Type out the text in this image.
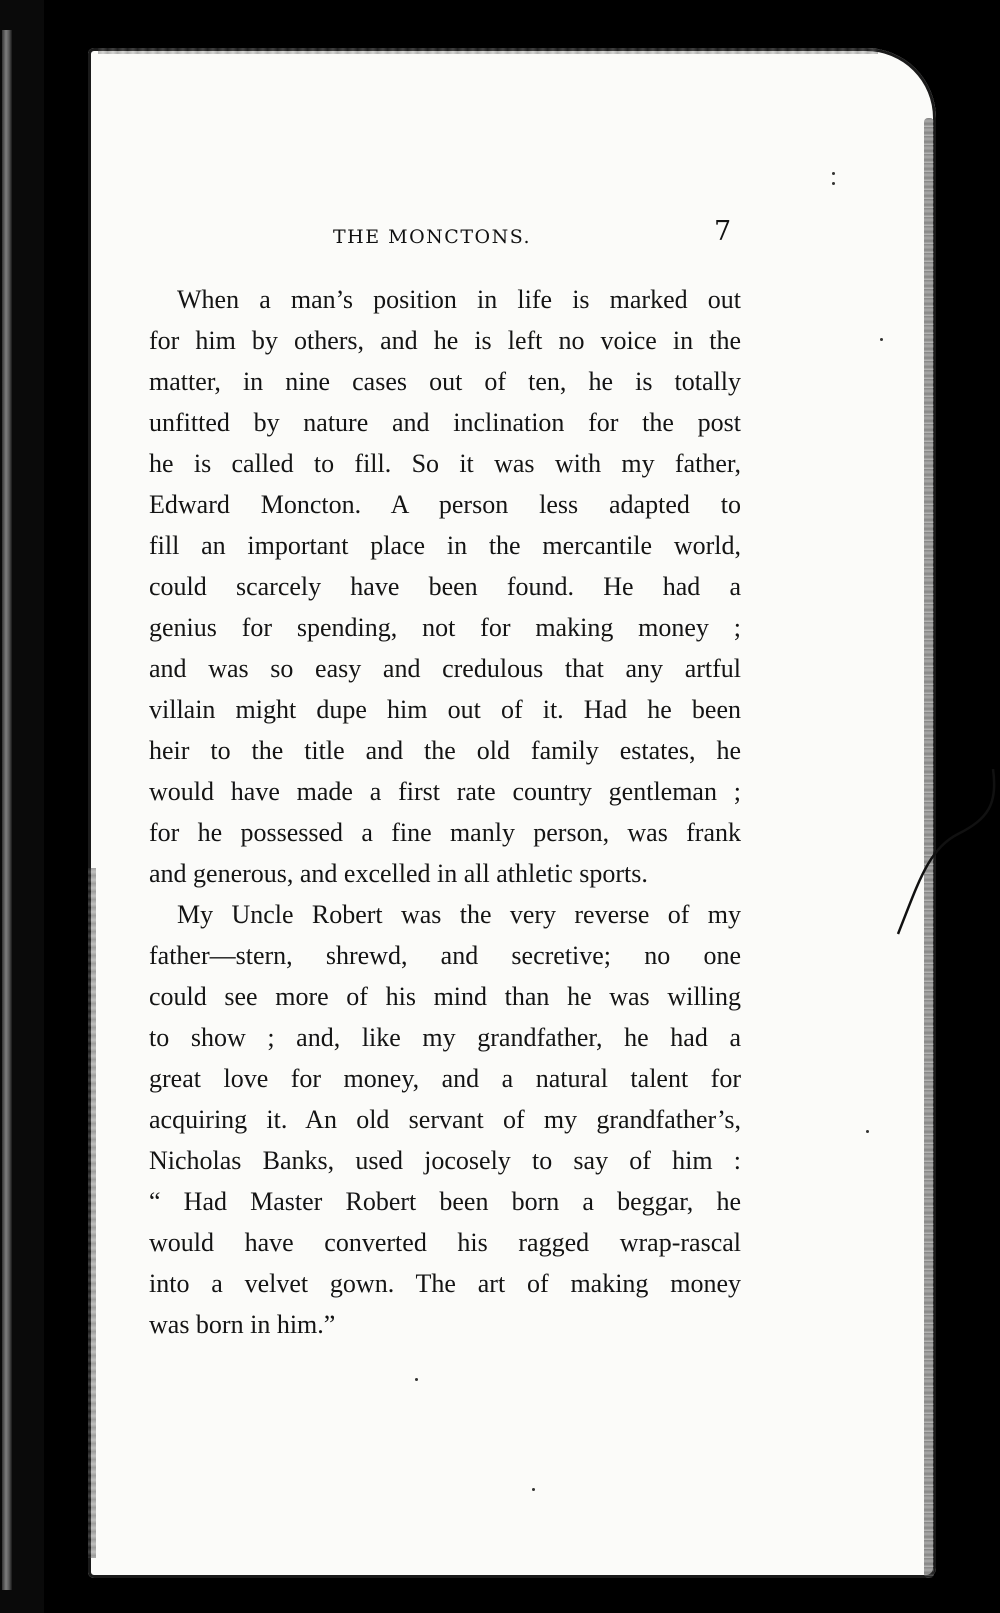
THE MONCTONS.	7

When a man’s position in life is marked out
for him by others, and he is left no voice in the
matter, in nine cases out of ten, he is totally
unfitted by nature and inclination for the post
he is called to fill. So it was with my father,
Edward Moncton. A person less adapted to
fill an important place in the mercantile world,
could scarcely have been found. He had a
genius for spending, not for making money ;
and was so easy and credulous that any artful
villain might dupe him out of it. Had he been
heir to the title and the old family estates, he
would have made a first rate country gentleman ;
for he possessed a fine manly person, was frank
and generous, and excelled in all athletic sports.

My Uncle Robert was the very reverse of my
father—stern, shrewd, and secretive; no one
could see more of his mind than he was willing
to show ; and, like my grandfather, he had a
great love for money, and a natural talent for
acquiring it. An old servant of my grandfather’s,
Nicholas Banks, used jocosely to say of him :
“ Had Master Robert been born a beggar, he
would have converted his ragged wrap-rascal
into a velvet gown. The art of making money
was born in him.”
